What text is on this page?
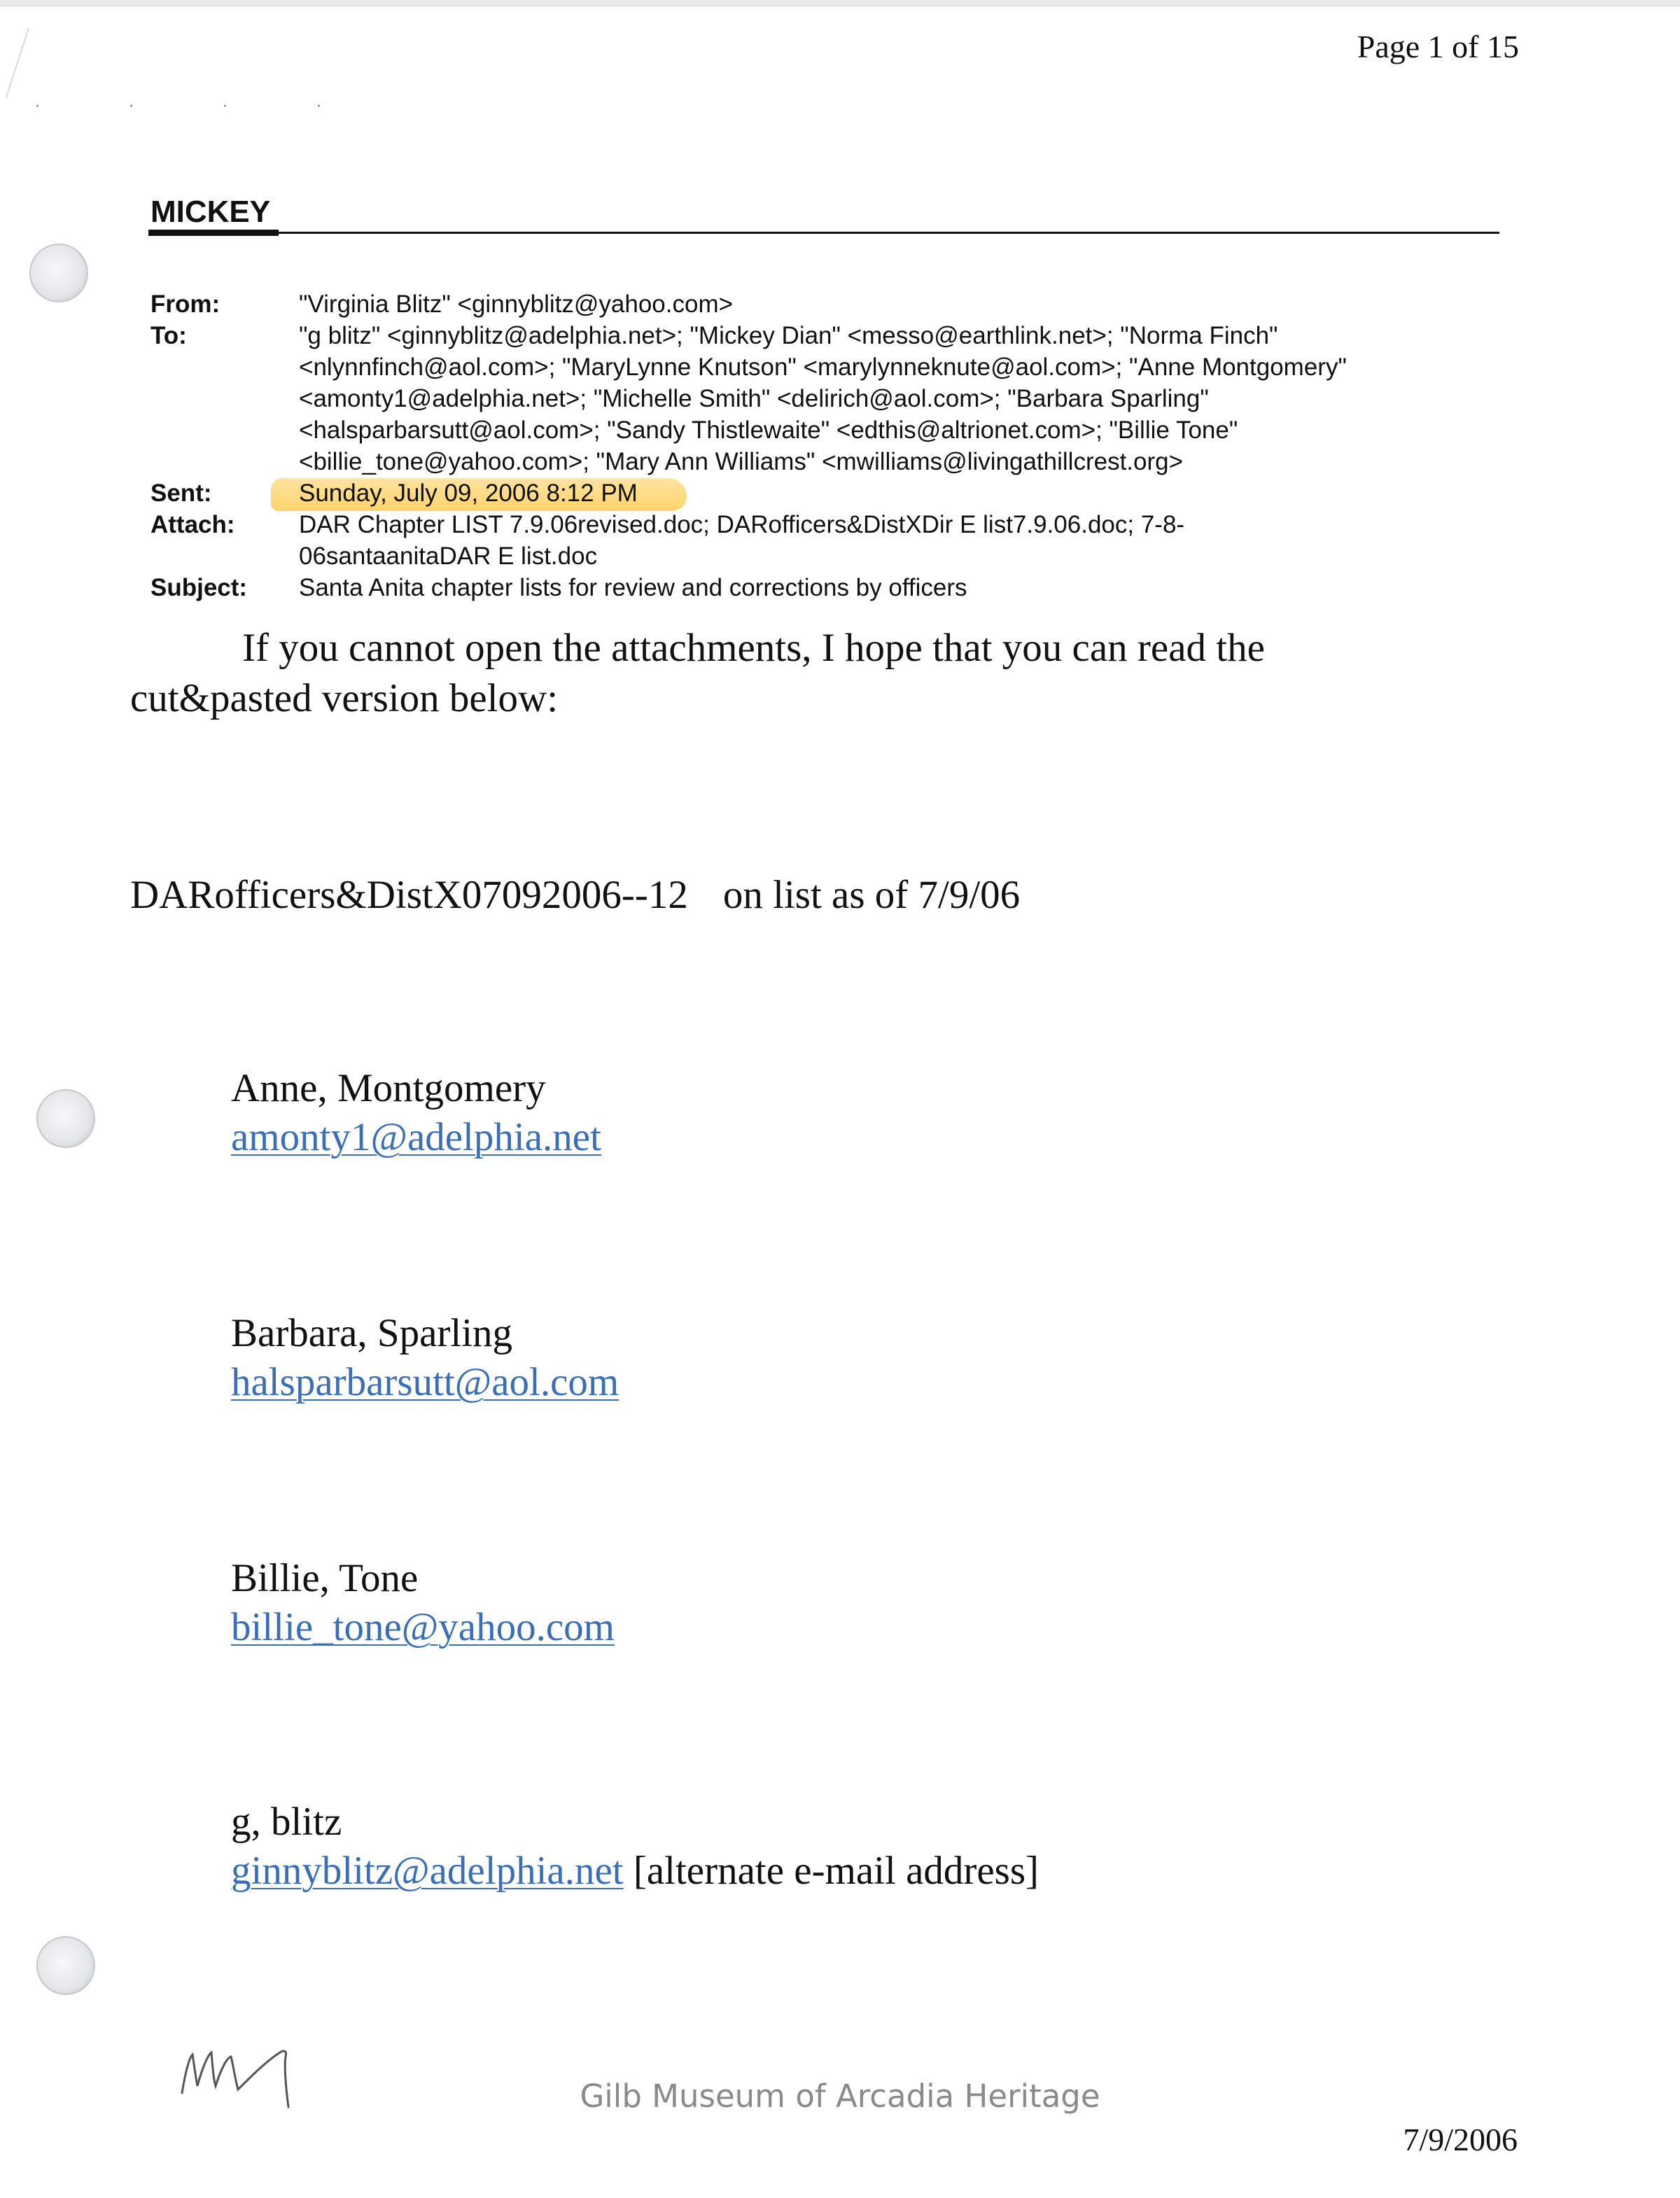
· · · ·
Page 1 of 15
MICKEY
From:	"Virginia Blitz" <ginnyblitz@yahoo.com>
To:	"g blitz" <ginnyblitz@adelphia.net>; "Mickey Dian" <messo@earthlink.net>; "Norma Finch"
<nlynnfinch@aol.com>; "MaryLynne Knutson" <marylynneknute@aol.com>; "Anne Montgomery"
<amonty1@adelphia.net>; "Michelle Smith" <delirich@aol.com>; "Barbara Sparling"
<halsparbarsutt@aol.com>; "Sandy Thistlewaite" <edthis@altrionet.com>; "Billie Tone"
<billie_tone@yahoo.com>; "Mary Ann Williams" <mwilliams@livingathillcrest.org>
Sent:	Sunday, July 09, 2006 8:12 PM
Attach:	DAR Chapter LIST 7.9.06revised.doc; DARofficers&DistXDir E list7.9.06.doc; 7-8-
06santaanitaDAR E list.doc
Subject:	Santa Anita chapter lists for review and corrections by officers
If you cannot open the attachments, I hope that you can read the
cut&pasted version below:
DARofficers&DistX07092006--12 on list as of 7/9/06
Anne, Montgomery
amonty1@adelphia.net
Barbara, Sparling
halsparbarsutt@aol.com
Billie, Tone
billie_tone@yahoo.com
g, blitz
ginnyblitz@adelphia.net [alternate e-mail address]
Gilb Museum of Arcadia Heritage
7/9/2006
